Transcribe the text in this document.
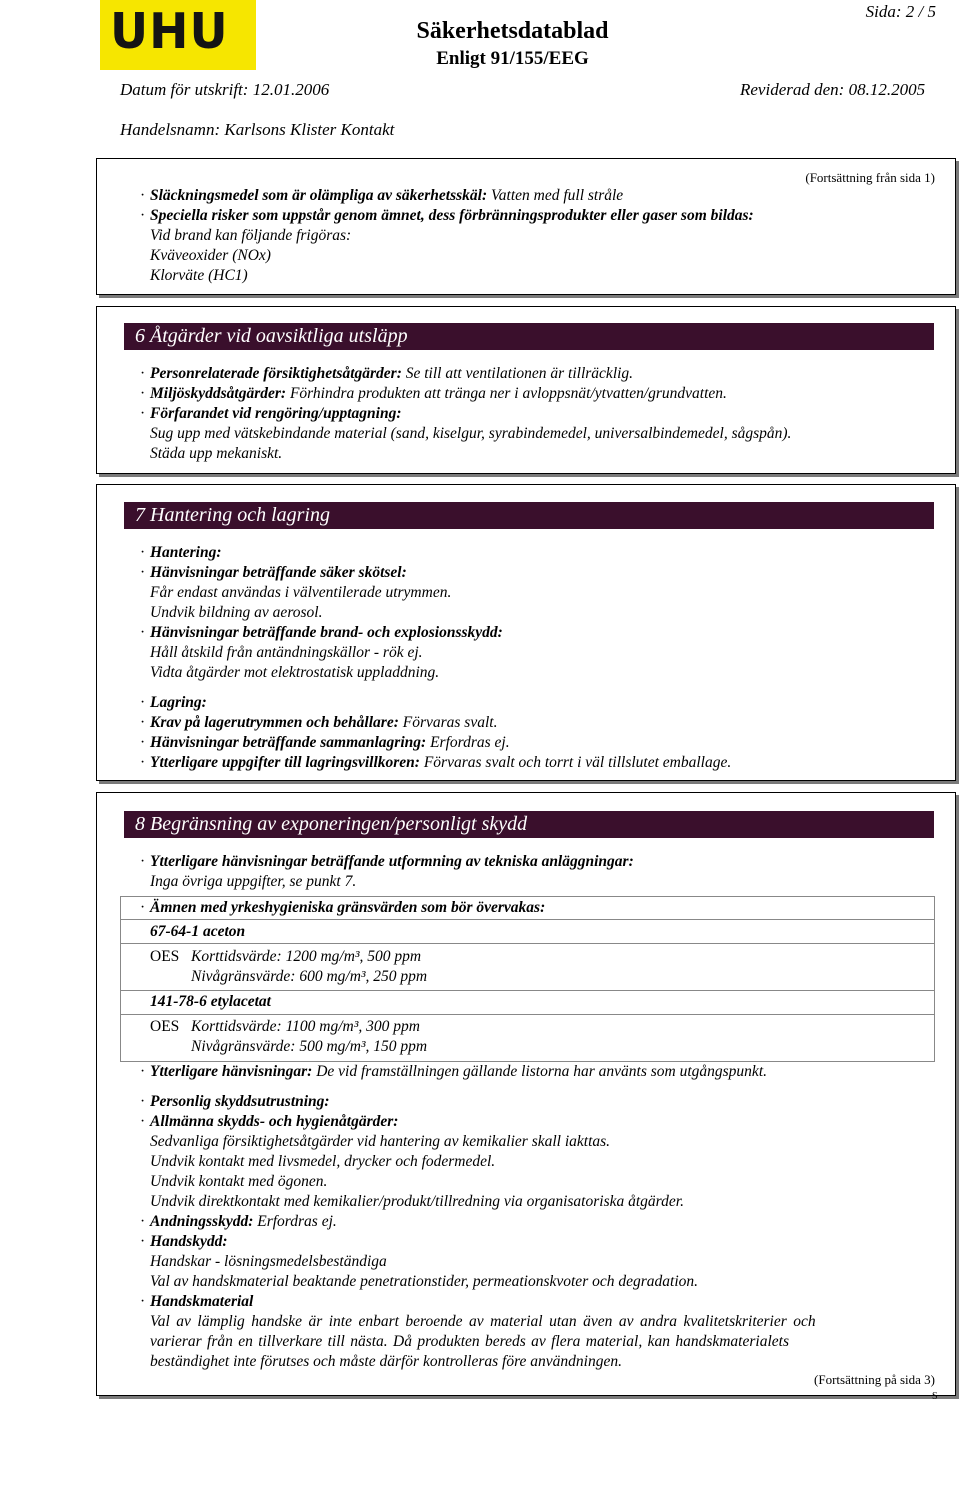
UHU	Säkerhetsdatablad
Enligt 91/155/EEG
Sida: 2 / 5
Datum för utskrift: 12.01.2006	Reviderad den: 08.12.2005
Handelsnamn: Karlsons Klister Kontakt
(Fortsättning från sida 1)
· Släckningsmedel som är olämpliga av säkerhetsskäl: Vatten med full stråle
· Speciella risker som uppstår genom ämnet, dess förbränningsprodukter eller gaser som bildas:
Vid brand kan följande frigöras:
Kväveoxider (NOx)
Klorväte (HC1)
6 Åtgärder vid oavsiktliga utsläpp
· Personrelaterade försiktighetsåtgärder: Se till att ventilationen är tillräcklig.
· Miljöskyddsåtgärder: Förhindra produkten att tränga ner i avloppsnät/ytvatten/grundvatten.
· Förfarandet vid rengöring/upptagning:
Sug upp med vätskebindande material (sand, kiselgur, syrabindemedel, universalbindemedel, sågspån).
Städa upp mekaniskt.
7 Hantering och lagring
· Hantering:
· Hänvisningar beträffande säker skötsel:
Får endast användas i välventilerade utrymmen.
Undvik bildning av aerosol.
· Hänvisningar beträffande brand- och explosionsskydd:
Håll åtskild från antändningskällor - rök ej.
Vidta åtgärder mot elektrostatisk uppladdning.
· Lagring:
· Krav på lagerutrymmen och behållare: Förvaras svalt.
· Hänvisningar beträffande sammanlagring: Erfordras ej.
· Ytterligare uppgifter till lagringsvillkoren: Förvaras svalt och torrt i väl tillslutet emballage.
8 Begränsning av exponeringen/personligt skydd
· Ytterligare hänvisningar beträffande utformning av tekniska anläggningar:
Inga övriga uppgifter, se punkt 7.
· Ämnen med yrkeshygieniska gränsvärden som bör övervakas:
67-64-1 aceton
OES Korttidsvärde: 1200 mg/m³, 500 ppm
Nivågränsvärde: 600 mg/m³, 250 ppm
141-78-6 etylacetat
OES Korttidsvärde: 1100 mg/m³, 300 ppm
Nivågränsvärde: 500 mg/m³, 150 ppm
· Ytterligare hänvisningar: De vid framställningen gällande listorna har använts som utgångspunkt.
· Personlig skyddsutrustning:
· Allmänna skydds- och hygienåtgärder:
Sedvanliga försiktighetsåtgärder vid hantering av kemikalier skall iakttas.
Undvik kontakt med livsmedel, drycker och fodermedel.
Undvik kontakt med ögonen.
Undvik direktkontakt med kemikalier/produkt/tillredning via organisatoriska åtgärder.
· Andningsskydd: Erfordras ej.
· Handskydd:
Handskar - lösningsmedelsbeständiga
Val av handskmaterial beaktande penetrationstider, permeationskvoter och degradation.
· Handskmaterial
Val av lämplig handske är inte enbart beroende av material utan även av andra kvalitetskriterier och
varierar från en tillverkare till nästa. Då produkten bereds av flera material, kan handskmaterialets
beständighet inte förutses och måste därför kontrolleras före användningen.
(Fortsättning på sida 3)
S
